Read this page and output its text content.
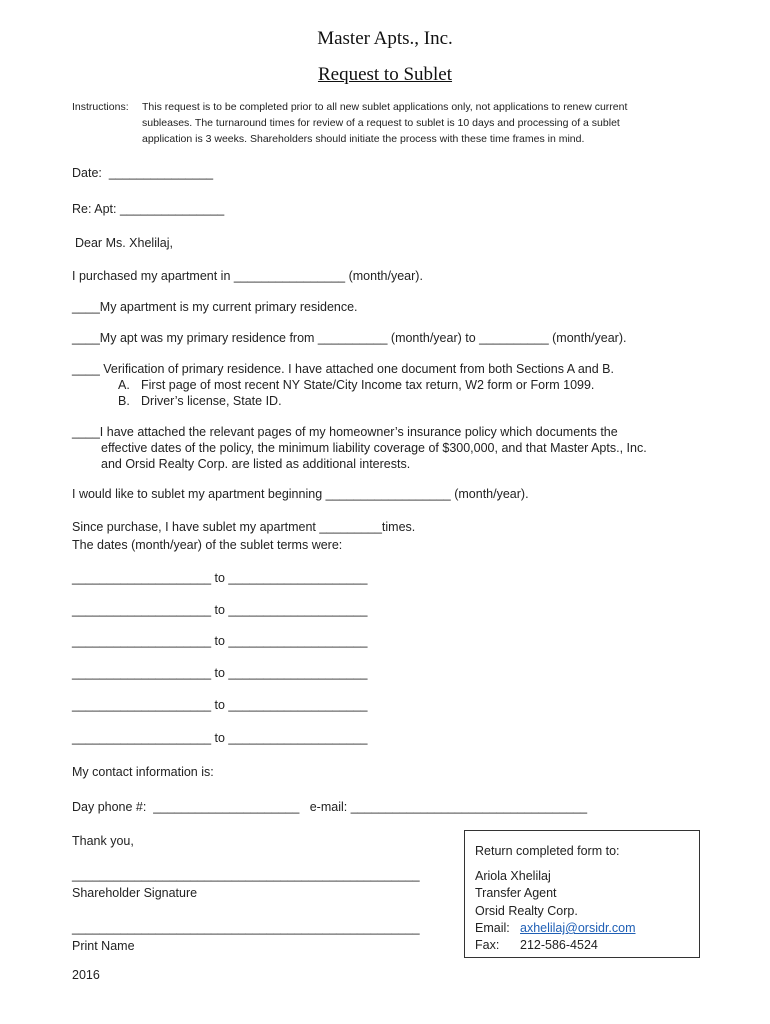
Master Apts., Inc.
Request to Sublet
Instructions: This request is to be completed prior to all new sublet applications only, not applications to renew current
subleases. The turnaround times for review of a request to sublet is 10 days and processing of a sublet
application is 3 weeks. Shareholders should initiate the process with these time frames in mind.
Date:  _______________
Re: Apt: _______________
Dear Ms. Xhelilaj,
I purchased my apartment in ________________ (month/year).
____My apartment is my current primary residence.
____My apt was my primary residence from __________ (month/year) to __________ (month/year).
____ Verification of primary residence. I have attached one document from both Sections A and B.
A. First page of most recent NY State/City Income tax return, W2 form or Form 1099.
B. Driver’s license, State ID.
____I have attached the relevant pages of my homeowner’s insurance policy which documents the
effective dates of the policy, the minimum liability coverage of $300,000, and that Master Apts., Inc.
and Orsid Realty Corp. are listed as additional interests.
I would like to sublet my apartment beginning __________________ (month/year).
Since purchase, I have sublet my apartment _________times.
The dates (month/year) of the sublet terms were:
____________________ to ____________________
____________________ to ____________________
____________________ to ____________________
____________________ to ____________________
____________________ to ____________________
____________________ to ____________________
My contact information is:
Day phone #:  _____________________   e-mail: __________________________________
Thank you,
__________________________________________________
Shareholder Signature
__________________________________________________
Print Name
2016
Return completed form to:
Ariola Xhelilaj
Transfer Agent
Orsid Realty Corp.
Email: axhelilaj@orsidr.com
Fax: 212-586-4524
